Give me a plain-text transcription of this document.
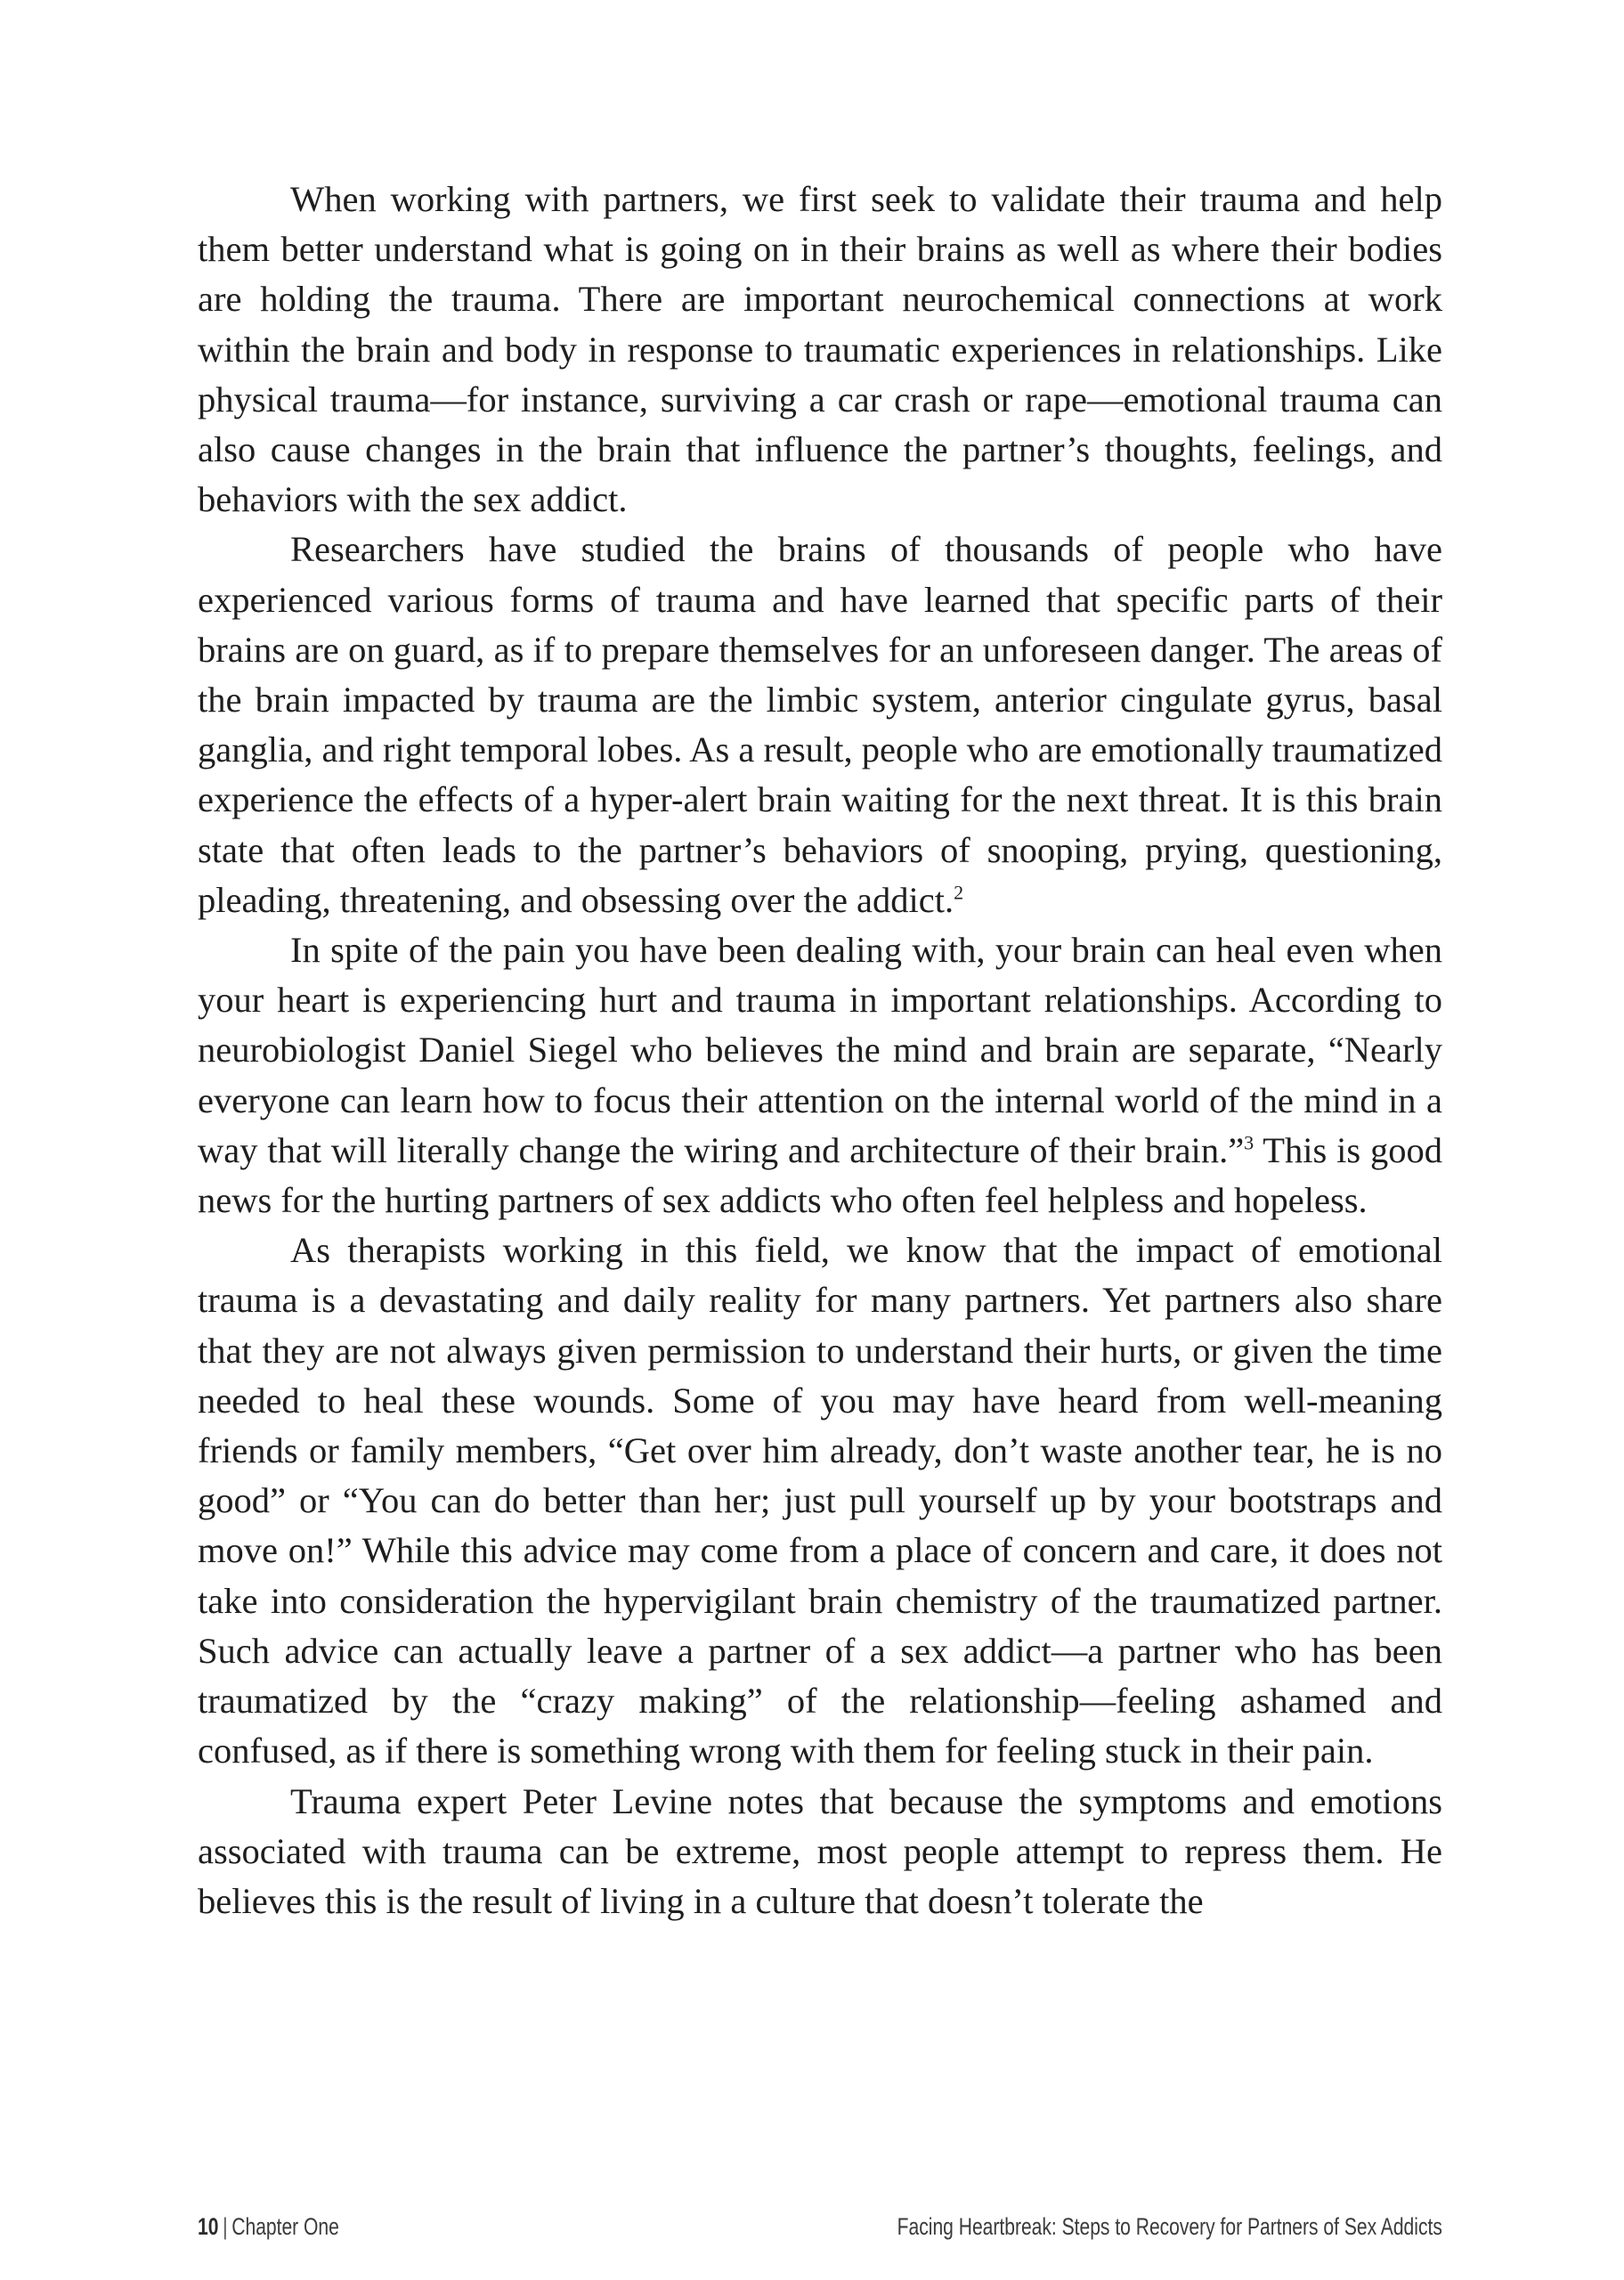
When working with partners, we first seek to validate their trauma and help them better understand what is going on in their brains as well as where their bodies are holding the trauma. There are important neurochemical connections at work within the brain and body in response to traumatic experiences in relationships. Like physical trauma—for instance, surviving a car crash or rape—emotional trauma can also cause changes in the brain that influence the partner’s thoughts, feelings, and behaviors with the sex addict.

Researchers have studied the brains of thousands of people who have experienced various forms of trauma and have learned that specific parts of their brains are on guard, as if to prepare themselves for an unforeseen danger. The areas of the brain impacted by trauma are the limbic system, anterior cingulate gyrus, basal ganglia, and right temporal lobes. As a result, people who are emotionally traumatized experience the effects of a hyper-alert brain waiting for the next threat. It is this brain state that often leads to the partner’s behaviors of snooping, prying, questioning, pleading, threatening, and obsessing over the addict.$^2$

In spite of the pain you have been dealing with, your brain can heal even when your heart is experiencing hurt and trauma in important relationships. According to neurobiologist Daniel Siegel who believes the mind and brain are separate, “Nearly everyone can learn how to focus their attention on the internal world of the mind in a way that will literally change the wiring and architecture of their brain.”$^3$ This is good news for the hurting partners of sex addicts who often feel helpless and hopeless.

As therapists working in this field, we know that the impact of emotional trauma is a devastating and daily reality for many partners. Yet partners also share that they are not always given permission to understand their hurts, or given the time needed to heal these wounds. Some of you may have heard from well-meaning friends or family members, “Get over him already, don’t waste another tear, he is no good” or “You can do better than her; just pull yourself up by your bootstraps and move on!” While this advice may come from a place of concern and care, it does not take into consideration the hypervigilant brain chemistry of the traumatized partner. Such advice can actually leave a partner of a sex addict—a partner who has been traumatized by the “crazy making” of the relationship—feeling ashamed and confused, as if there is something wrong with them for feeling stuck in their pain.

Trauma expert Peter Levine notes that because the symptoms and emotions associated with trauma can be extreme, most people attempt to repress them. He believes this is the result of living in a culture that doesn’t tolerate the

10 | Chapter One	Facing Heartbreak: Steps to Recovery for Partners of Sex Addicts
